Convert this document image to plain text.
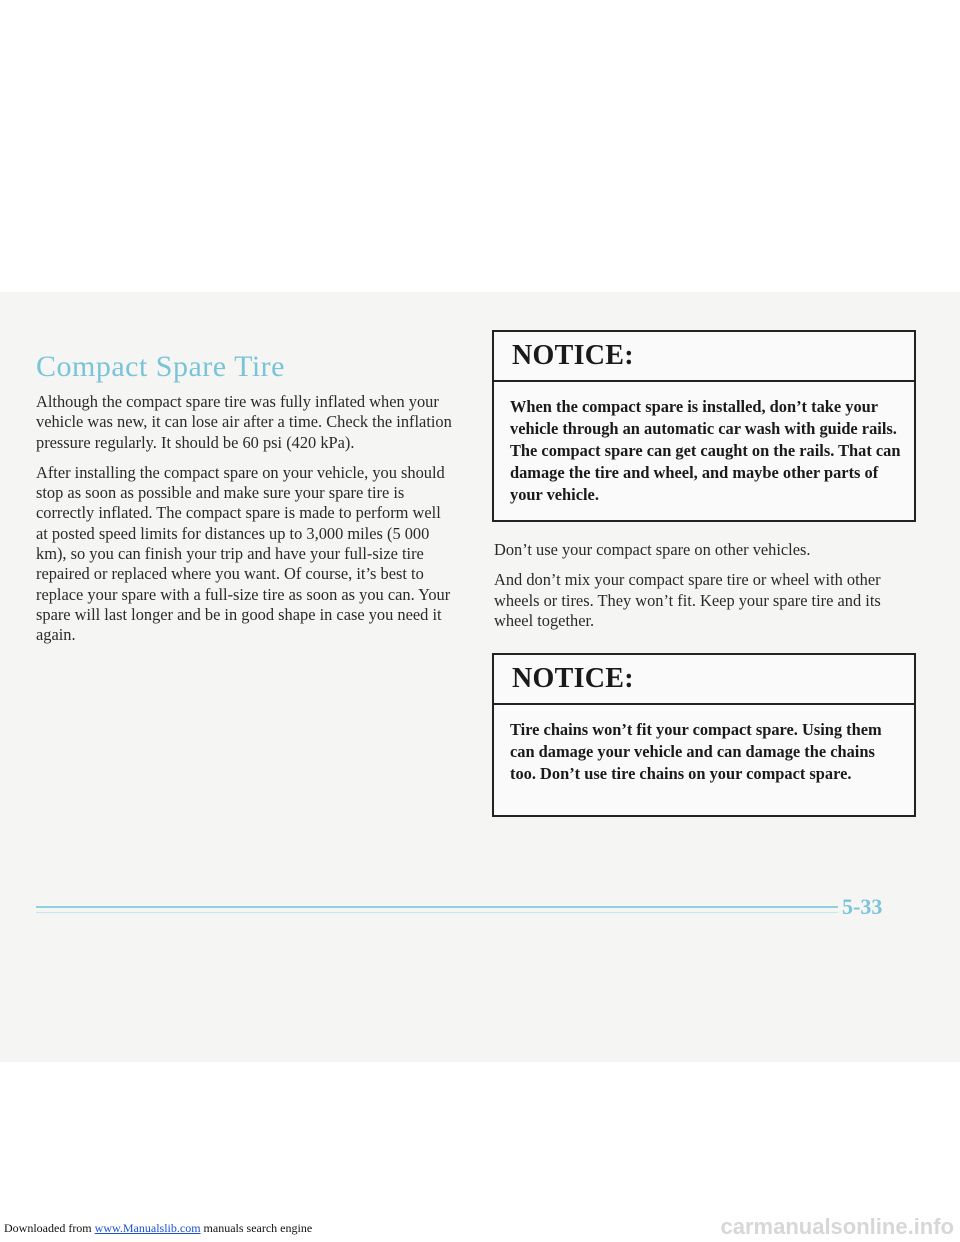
Compact Spare Tire

Although the compact spare tire was fully inflated when your vehicle was new, it can lose air after a time. Check the inflation pressure regularly. It should be 60 psi (420 kPa).

After installing the compact spare on your vehicle, you should stop as soon as possible and make sure your spare tire is correctly inflated. The compact spare is made to perform well at posted speed limits for distances up to 3,000 miles (5 000 km), so you can finish your trip and have your full-size tire repaired or replaced where you want. Of course, it’s best to replace your spare with a full-size tire as soon as you can. Your spare will last longer and be in good shape in case you need it again.

NOTICE:
When the compact spare is installed, don’t take your vehicle through an automatic car wash with guide rails. The compact spare can get caught on the rails. That can damage the tire and wheel, and maybe other parts of your vehicle.

Don’t use your compact spare on other vehicles.

And don’t mix your compact spare tire or wheel with other wheels or tires. They won’t fit. Keep your spare tire and its wheel together.

NOTICE:
Tire chains won’t fit your compact spare. Using them can damage your vehicle and can damage the chains too. Don’t use tire chains on your compact spare.
5-33
Downloaded from www.Manualslib.com manuals search engine	carmanualsonline.info
